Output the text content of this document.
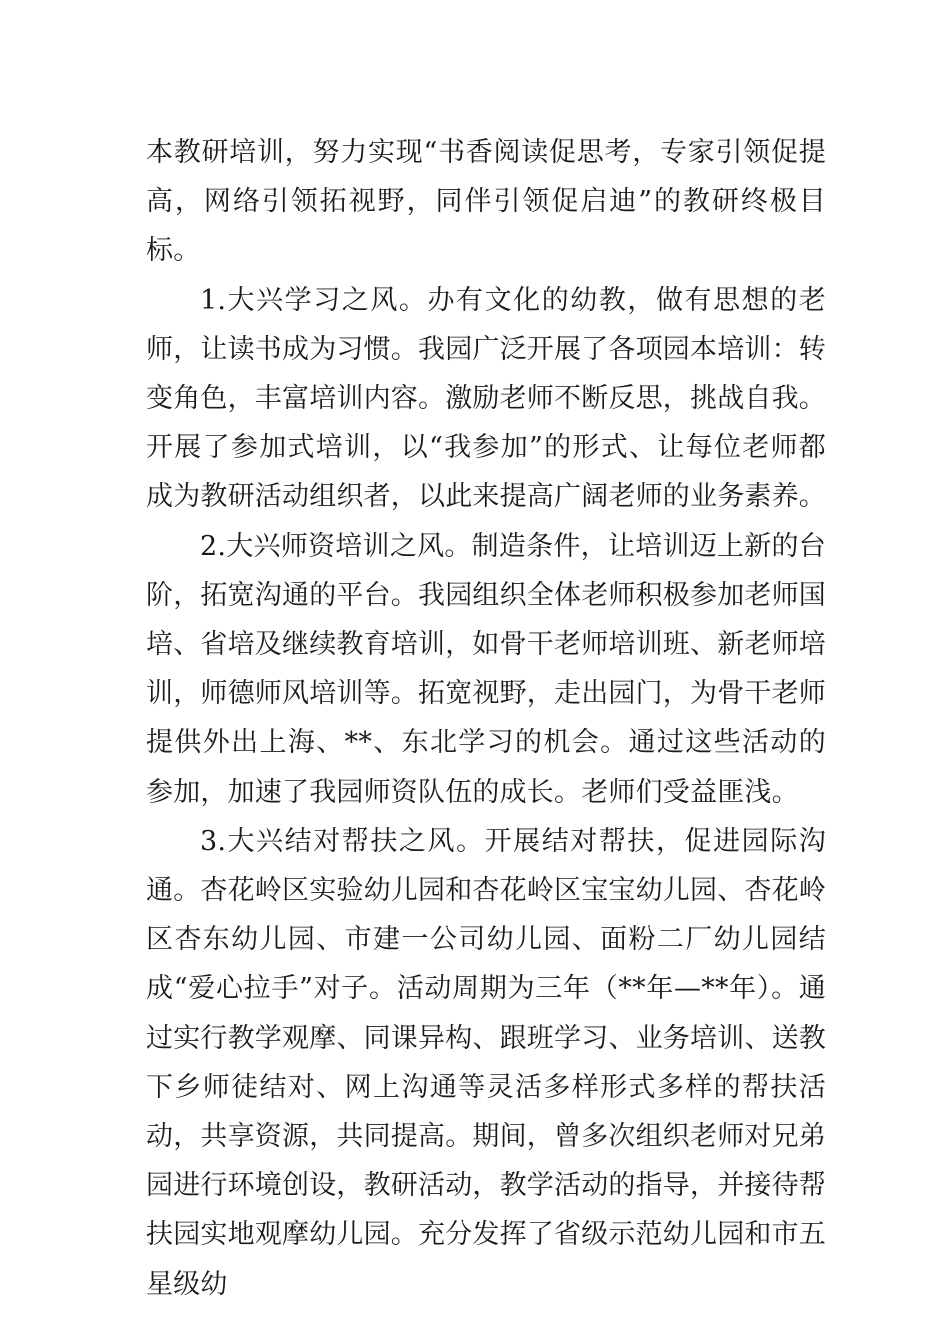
本教研培训，努力实现“书香阅读促思考，专家引领促提高，网络引领拓视野，同伴引领促启迪”的教研终极目标。

1.大兴学习之风。办有文化的幼教，做有思想的老师，让读书成为习惯。我园广泛开展了各项园本培训：转变角色，丰富培训内容。激励老师不断反思，挑战自我。开展了参加式培训，以“我参加”的形式、让每位老师都成为教研活动组织者，以此来提高广阔老师的业务素养。

2.大兴师资培训之风。制造条件，让培训迈上新的台阶，拓宽沟通的平台。我园组织全体老师积极参加老师国培、省培及继续教育培训，如骨干老师培训班、新老师培训，师德师风培训等。拓宽视野，走出园门，为骨干老师提供外出上海、**、东北学习的机会。通过这些活动的参加，加速了我园师资队伍的成长。老师们受益匪浅。

3.大兴结对帮扶之风。开展结对帮扶，促进园际沟通。杏花岭区实验幼儿园和杏花岭区宝宝幼儿园、杏花岭区杏东幼儿园、市建一公司幼儿园、面粉二厂幼儿园结成“爱心拉手”对子。活动周期为三年（**年—**年）。通过实行教学观摩、同课异构、跟班学习、业务培训、送教下乡师徒结对、网上沟通等灵活多样形式多样的帮扶活动，共享资源，共同提高。期间，曾多次组织老师对兄弟园进行环境创设，教研活动，教学活动的指导，并接待帮扶园实地观摩幼儿园。充分发挥了省级示范幼儿园和市五星级幼
